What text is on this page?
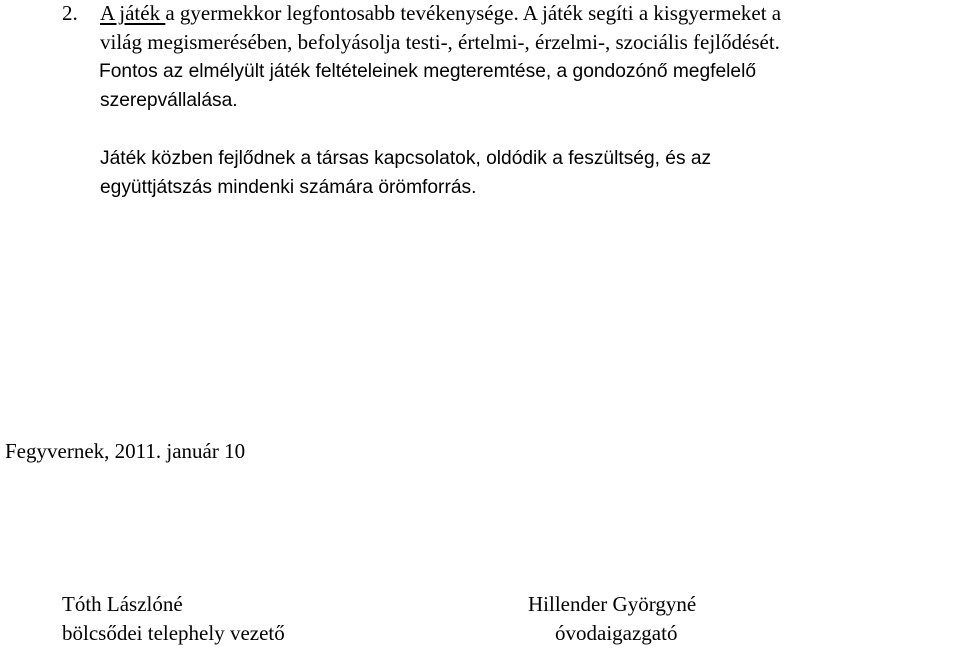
2. A játék a gyermekkor legfontosabb tevékenysége. A játék segíti a kisgyermeket a
világ megismerésében, befolyásolja testi-, értelmi-, érzelmi-, szociális fejlődését.
Fontos az elmélyült játék feltételeinek megteremtése, a gondozónő megfelelő
szerepvállalása.
Játék közben fejlődnek a társas kapcsolatok, oldódik a feszültség, és az
együttjátszás mindenki számára örömforrás.
Fegyvernek, 2011. január 10
Tóth Lászlóné
bölcsődei telephely vezető
Hillender Györgyné
óvodaigazgató
